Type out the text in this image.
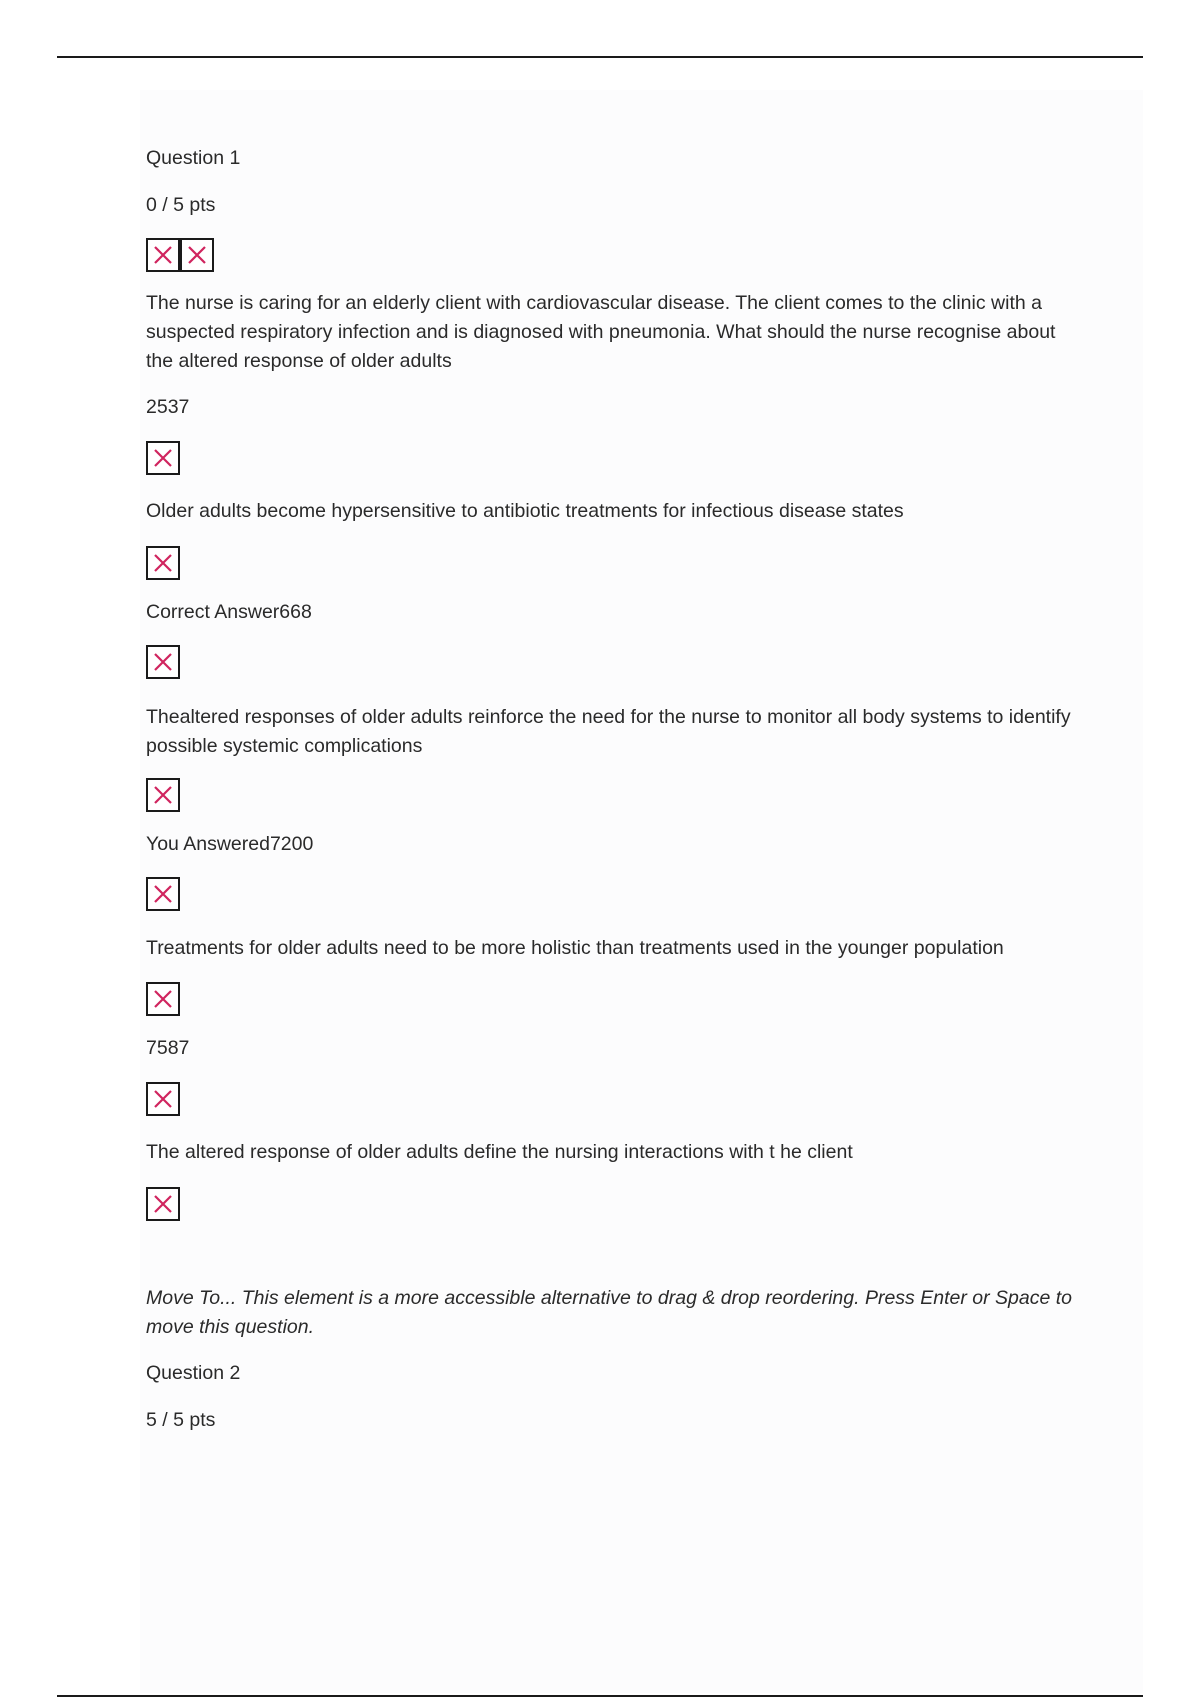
Question 1

0 / 5 pts

The nurse is caring for an elderly client with cardiovascular disease. The client comes to the clinic with a suspected respiratory infection and is diagnosed with pneumonia. What should the nurse recognise about the altered response of older adults

2537

Older adults become hypersensitive to antibiotic treatments for infectious disease states

Correct Answer668

Thealtered responses of older adults reinforce the need for the nurse to monitor all body systems to identify possible systemic complications

You Answered7200

Treatments for older adults need to be more holistic than treatments used in the younger population

7587

The altered response of older adults define the nursing interactions with t he client

Move To... This element is a more accessible alternative to drag & drop reordering. Press Enter or Space to move this question.

Question 2

5 / 5 pts
